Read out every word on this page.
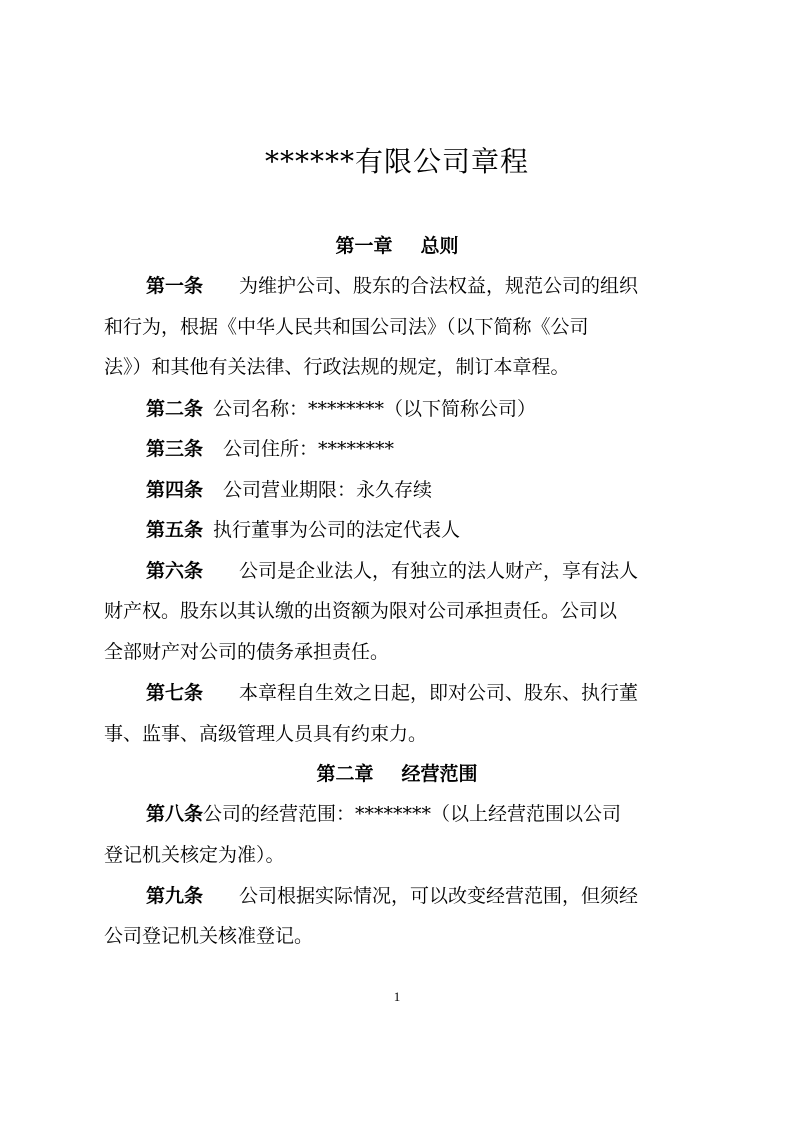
******有限公司章程
第一章 总则
第一条 为维护公司、股东的合法权益，规范公司的组织
和行为，根据《中华人民共和国公司法》（以下简称《公司
法》）和其他有关法律、行政法规的规定，制订本章程。
第二条 公司名称：********（以下简称公司）
第三条 公司住所：********
第四条 公司营业期限：永久存续
第五条 执行董事为公司的法定代表人
第六条 公司是企业法人，有独立的法人财产，享有法人
财产权。股东以其认缴的出资额为限对公司承担责任。公司以
全部财产对公司的债务承担责任。
第七条 本章程自生效之日起，即对公司、股东、执行董
事、监事、高级管理人员具有约束力。
第二章 经营范围
第八条公司的经营范围：********（以上经营范围以公司
登记机关核定为准）。
第九条 公司根据实际情况，可以改变经营范围，但须经
公司登记机关核准登记。
1
